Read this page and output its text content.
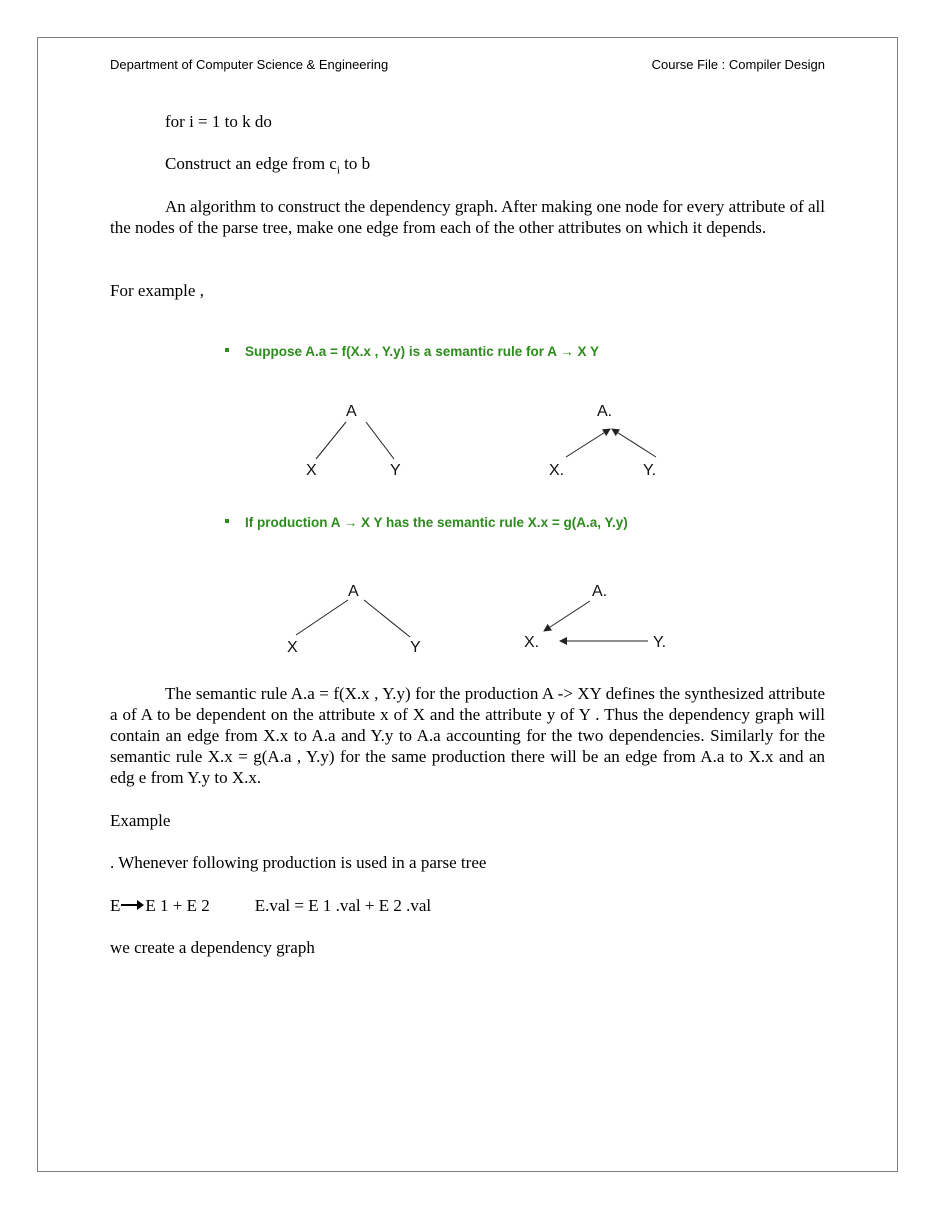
Department of Computer Science & Engineering	Course File : Compiler Design
for i = 1 to k do
Construct an edge from $c_i$ to b
An algorithm to construct the dependency graph. After making one node for every attribute of all the nodes of the parse tree, make one edge from each of the other attributes on which it depends.
For example ,
Suppose A.a = f(X.x , Y.y) is a semantic rule for A → X Y
A
X	Y
A.
X.	Y.
If production A → X Y has the semantic rule X.x = g(A.a, Y.y)
A
X	Y
A.
X.	Y.
The semantic rule A.a = f(X.x , Y.y) for the production A -> XY defines the synthesized attribute a of A to be dependent on the attribute x of X and the attribute y of Y . Thus the dependency graph will contain an edge from X.x to A.a and Y.y to A.a accounting for the two dependencies. Similarly for the semantic rule X.x = g(A.a , Y.y) for the same production there will be an edge from A.a to X.x and an edg e from Y.y to X.x.
Example
. Whenever following production is used in a parse tree
E E 1 + E 2	E.val = E 1 .val + E 2 .val
we create a dependency graph
